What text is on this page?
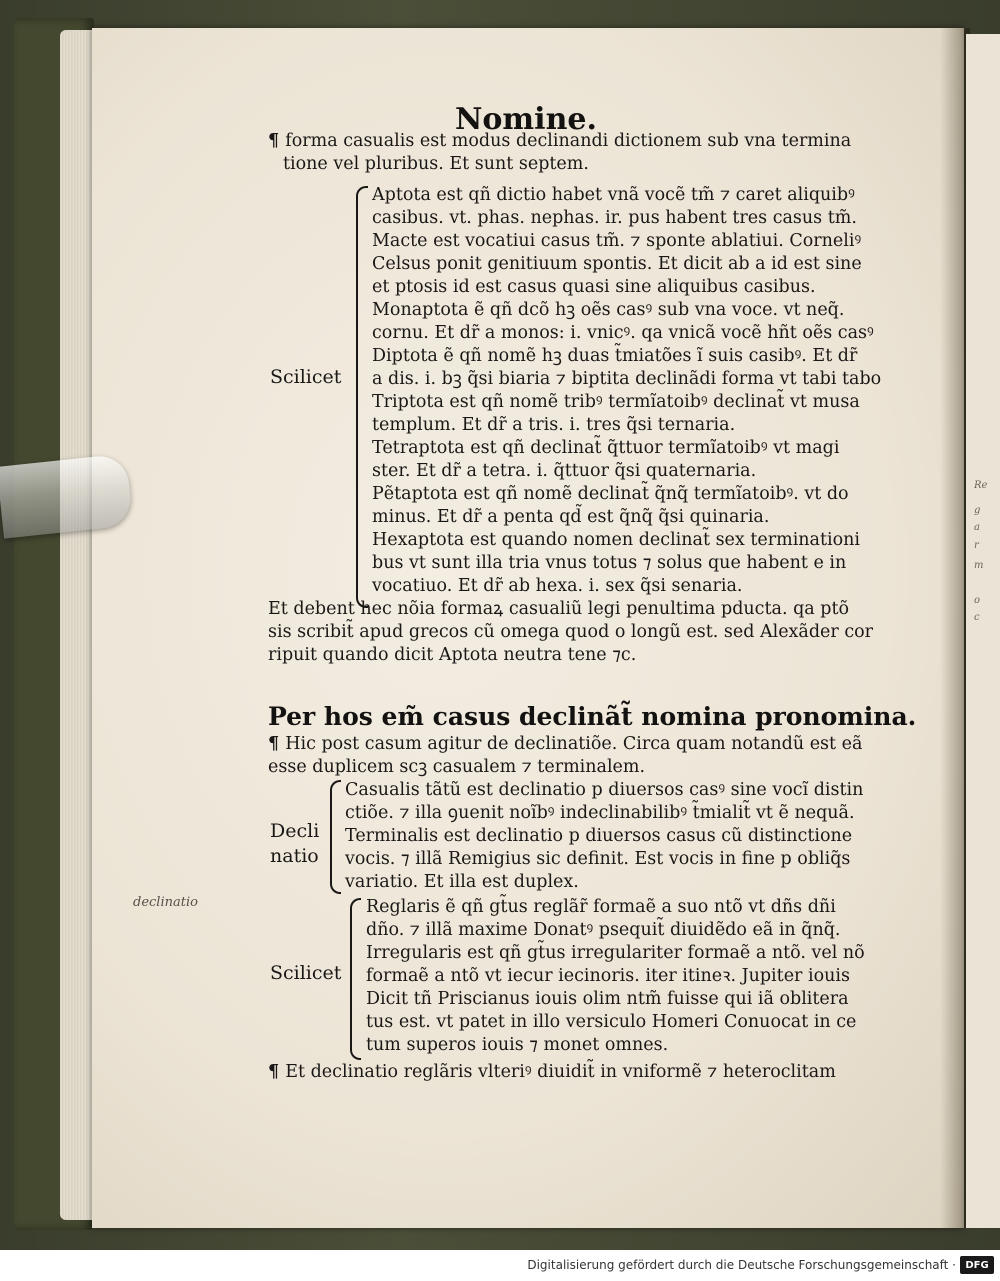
Re
g
a
r
m
o
c
Nomine.
¶ forma casualis est modus declinandi dictionem sub vna termina
tione vel pluribus. Et sunt septem.
Scilicet
Aptota est qñ dictio habet vnã vocẽ tm̃ ⁊ caret aliquibꝰ
casibus. vt. phas. nephas. ir. pus habent tres casus tm̃.
Macte est vocatiui casus tm̃. ⁊ sponte ablatiui. Corneliꝰ
Celsus ponit genitiuum spontis. Et dicit ab a id est sine
et ptosis id est casus quasi sine aliquibus casibus.
Monaptota ẽ qñ dcõ hꝫ oẽs casꝰ sub vna voce. vt neq̃.
cornu. Et dr̃ a monos: i. vnicꝰ. qa vnicã vocẽ hñt oẽs casꝰ
Diptota ẽ qñ nomẽ hꝫ duas t̃miatões ĩ suis casibꝰ. Et dr̃
a dis. i. bꝫ q̃si biaria ⁊ biptita declinãdi forma vt tabi tabo
Triptota est qñ nomẽ tribꝰ termĩatoibꝰ declinat̃ vt musa
templum. Et dr̃ a tris. i. tres q̃si ternaria.
Tetraptota est qñ declinat̃ q̃ttuor termĩatoibꝰ vt magi
ster. Et dr̃ a tetra. i. q̃ttuor q̃si quaternaria.
Pẽtaptota est qñ nomẽ declinat̃ q̃nq̃ termĩatoibꝰ. vt do
minus. Et dr̃ a penta qd̃ est q̃nq̃ q̃si quinaria.
Hexaptota est quando nomen declinat̃ sex terminationi
bus vt sunt illa tria vnus totus ⁊ solus que habent e in
vocatiuo. Et dr̃ ab hexa. i. sex q̃si senaria.
Et debent hec nõia formaꝝ casualiũ legi penultima pducta. qa ptõ
sis scribit̃ apud grecos cũ omega quod o longũ est. sed Alexãder cor
ripuit quando dicit Aptota neutra tene ⁊c.
Per hos em̃ casus declinãt̃ nomina pronomina.
¶ Hic post casum agitur de declinatiõe. Circa quam notandũ est eã
esse duplicem scꝫ casualem ⁊ terminalem.
Decli
natio
Casualis tãtũ est declinatio p diuersos casꝰ sine vocĩ distin
ctiõe. ⁊ illa ꝯuenit noĩbꝰ indeclinabilibꝰ t̃mialit̃ vt ẽ nequã.
Terminalis est declinatio p diuersos casus cũ distinctione
vocis. ⁊ illã Remigius sic definit. Est vocis in fine p obliq̃s
variatio. Et illa est duplex.
declinatio
Scilicet
Reglaris ẽ qñ gt̃us reglãr̃ formaẽ a suo ntõ vt dñs dñi
dño. ⁊ illã maxime Donatꝰ psequit̃ diuidẽdo eã in q̃nq̃.
Irregularis est qñ gt̃us irregulariter formaẽ a ntõ. vel nõ
formaẽ a ntõ vt iecur iecinoris. iter itineꝛ. Jupiter iouis
Dicit tñ Priscianus iouis olim ntm̃ fuisse qui iã oblitera
tus est. vt patet in illo versiculo Homeri Conuocat in ce
tum superos iouis ⁊ monet omnes.
¶ Et declinatio reglãris vlteriꝰ diuidit̃ in vniformẽ ⁊ heteroclitam
Digitalisierung gefördert durch die Deutsche Forschungsgemeinschaft · DFG
